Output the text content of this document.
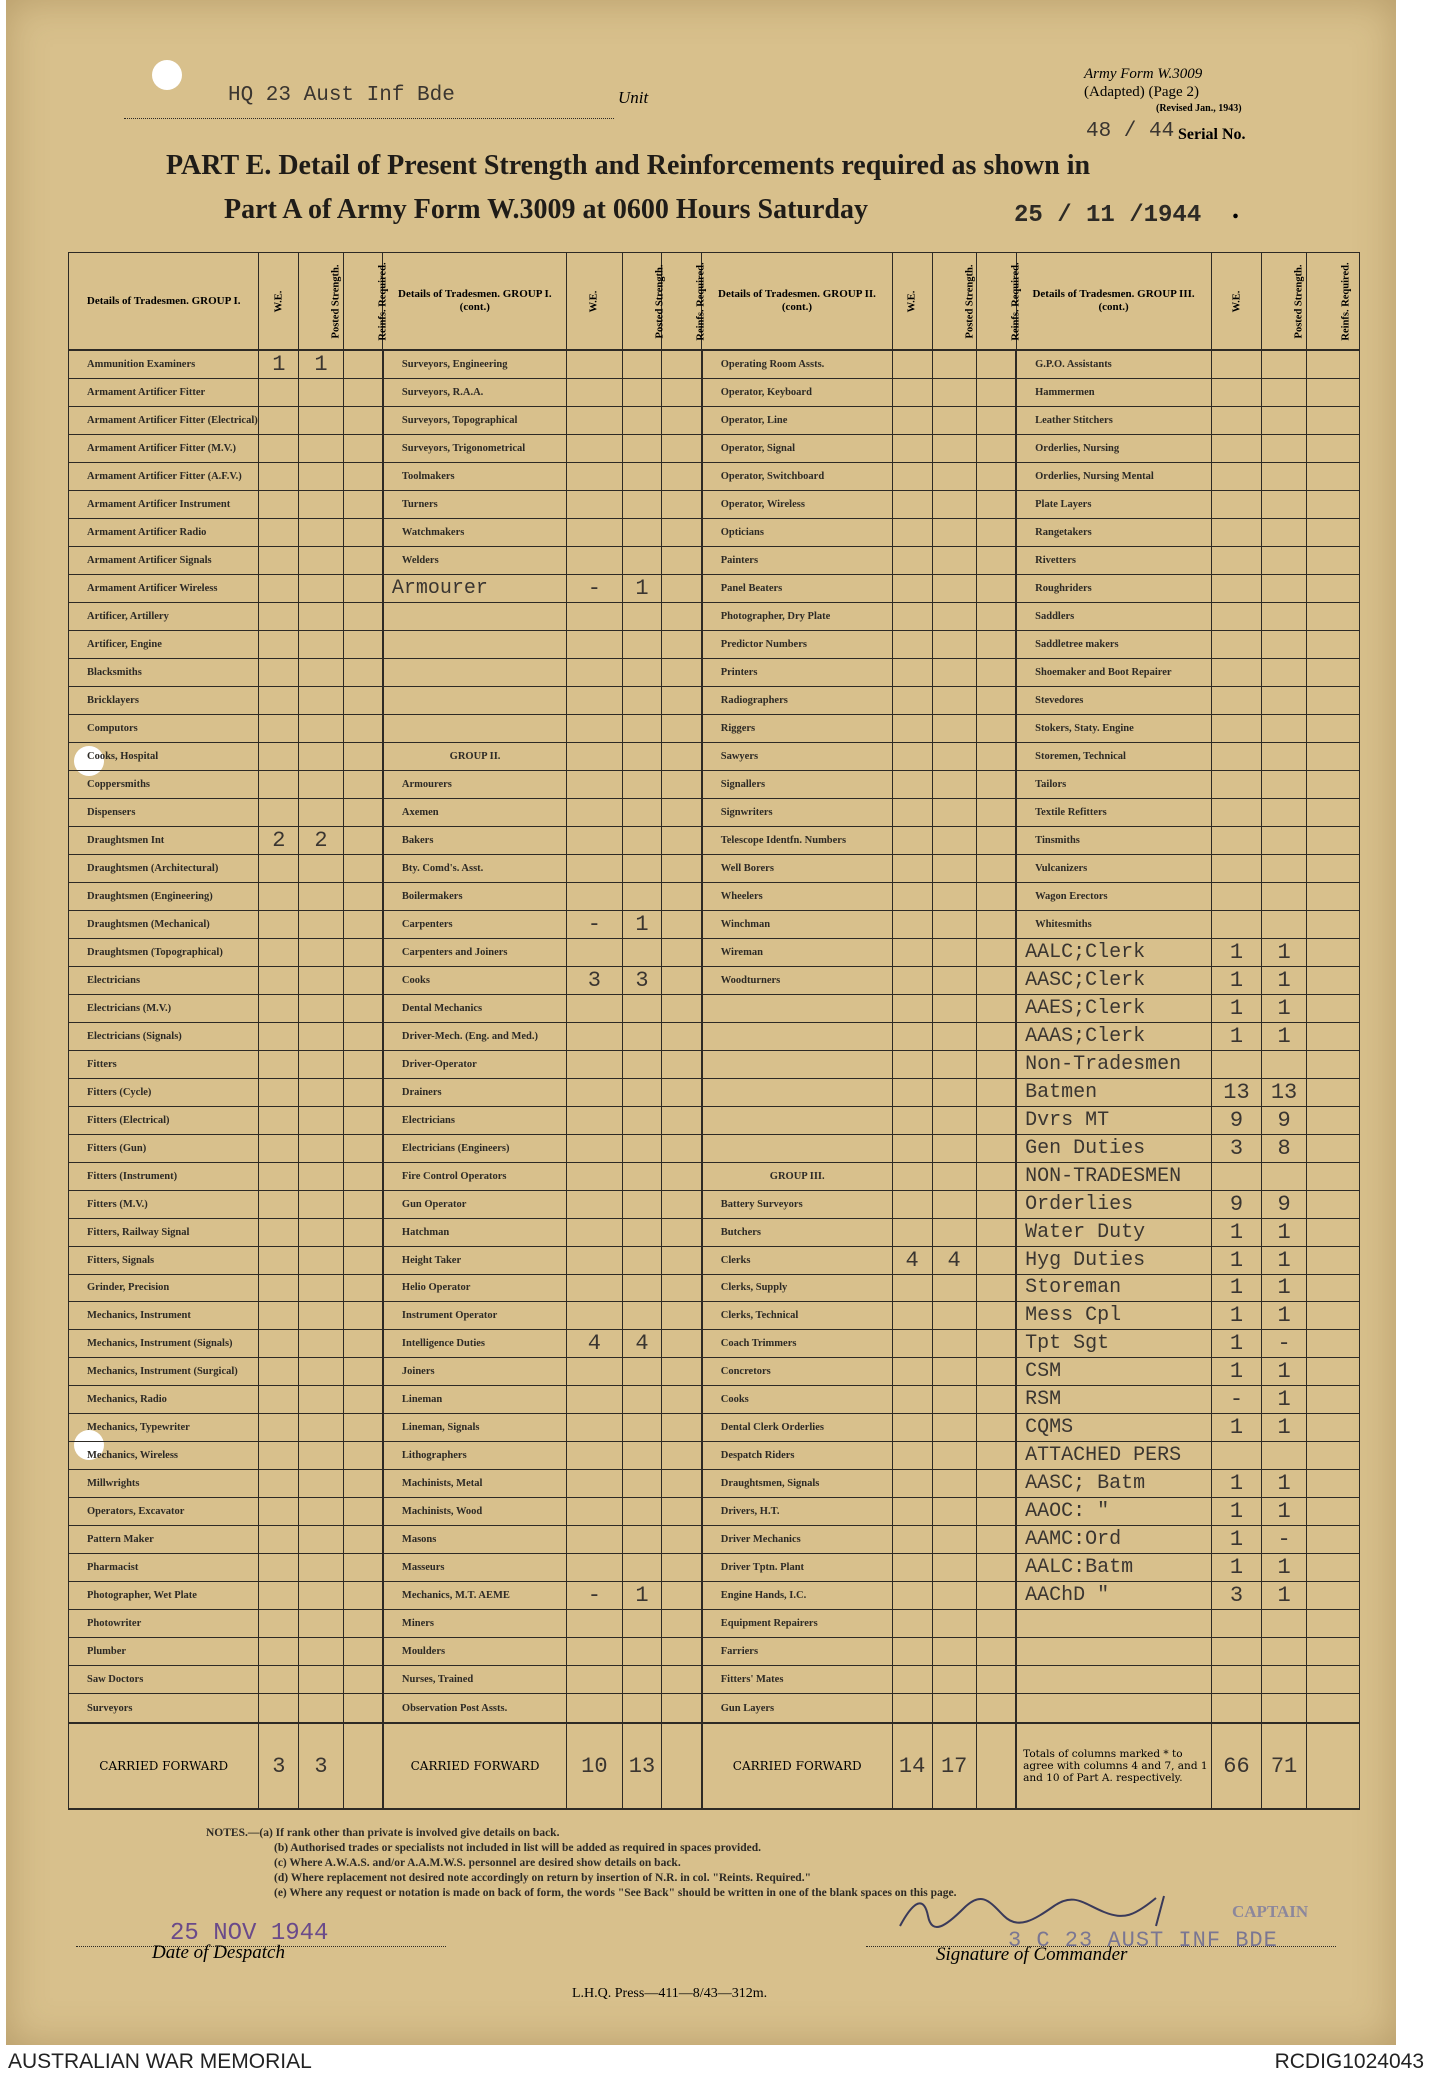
HQ 23 Aust Inf Bde	Unit
Army Form W.3009
(Adapted) (Page 2)
(Revised Jan., 1943)
48 / 44 Serial No.
PART E. Detail of Present Strength and Reinforcements required as shown in
Part A of Army Form W.3009 at 0600 Hours Saturday	25 / 11 /1944 .
Details of Tradesmen. GROUP I.	W.E.	Posted Strength.	Reinfs. Required.	Details of Tradesmen. GROUP I. (cont.)	W.E.	Posted Strength.	Reinfs. Required.	Details of Tradesmen. GROUP II. (cont.)	W.E.	Posted Strength.	Reinfs. Required.	Details of Tradesmen. GROUP III. (cont.)	W.E.	Posted Strength.	Reinfs. Required.
Ammunition Examiners	1	1		Surveyors, Engineering				Operating Room Assts.				G.P.O. Assistants			
Armament Artificer Fitter				Surveyors, R.A.A.				Operator, Keyboard				Hammermen			
Armament Artificer Fitter (Electrical)				Surveyors, Topographical				Operator, Line				Leather Stitchers			
Armament Artificer Fitter (M.V.)				Surveyors, Trigonometrical				Operator, Signal				Orderlies, Nursing			
Armament Artificer Fitter (A.F.V.)				Toolmakers				Operator, Switchboard				Orderlies, Nursing Mental			
Armament Artificer Instrument				Turners				Operator, Wireless				Plate Layers			
Armament Artificer Radio				Watchmakers				Opticians				Rangetakers			
Armament Artificer Signals				Welders				Painters				Rivetters			
Armament Artificer Wireless				Armourer	-	1		Panel Beaters				Roughriders			
Artificer, Artillery								Photographer, Dry Plate				Saddlers			
Artificer, Engine								Predictor Numbers				Saddletree makers			
Blacksmiths								Printers				Shoemaker and Boot Repairer			
Bricklayers								Radiographers				Stevedores			
Computors								Riggers				Stokers, Staty. Engine			
Cooks, Hospital				GROUP II.				Sawyers				Storemen, Technical			
Coppersmiths				Armourers				Signallers				Tailors			
Dispensers				Axemen				Signwriters				Textile Refitters			
Draughtsmen Int	2	2		Bakers				Telescope Identfn. Numbers				Tinsmiths			
Draughtsmen (Architectural)				Bty. Comd's. Asst.				Well Borers				Vulcanizers			
Draughtsmen (Engineering)				Boilermakers				Wheelers				Wagon Erectors			
Draughtsmen (Mechanical)				Carpenters	-	1		Winchman				Whitesmiths			
Draughtsmen (Topographical)				Carpenters and Joiners				Wireman				AALC;Clerk	1	1	
Electricians				Cooks	3	3		Woodturners				AASC;Clerk	1	1	
Electricians (M.V.)				Dental Mechanics								AAES;Clerk	1	1	
Electricians (Signals)				Driver-Mech. (Eng. and Med.)								AAAS;Clerk	1	1	
Fitters				Driver-Operator								Non-Tradesmen			
Fitters (Cycle)				Drainers								Batmen	13	13	
Fitters (Electrical)				Electricians								Dvrs MT	9	9	
Fitters (Gun)				Electricians (Engineers)								Gen Duties	3	8	
Fitters (Instrument)				Fire Control Operators				GROUP III.				NON-TRADESMEN			
Fitters (M.V.)				Gun Operator				Battery Surveyors				Orderlies	9	9	
Fitters, Railway Signal				Hatchman				Butchers				Water Duty	1	1	
Fitters, Signals				Height Taker				Clerks	4	4		Hyg Duties	1	1	
Grinder, Precision				Helio Operator				Clerks, Supply				Storeman	1	1	
Mechanics, Instrument				Instrument Operator				Clerks, Technical				Mess Cpl	1	1	
Mechanics, Instrument (Signals)				Intelligence Duties	4	4		Coach Trimmers				Tpt Sgt	1	-	
Mechanics, Instrument (Surgical)				Joiners				Concretors				CSM	1	1	
Mechanics, Radio				Lineman				Cooks				RSM	-	1	
Mechanics, Typewriter				Lineman, Signals				Dental Clerk Orderlies				CQMS	1	1	
Mechanics, Wireless				Lithographers				Despatch Riders				ATTACHED PERS			
Millwrights				Machinists, Metal				Draughtsmen, Signals				AASC; Batm	1	1	
Operators, Excavator				Machinists, Wood				Drivers, H.T.				AAOC: "	1	1	
Pattern Maker				Masons				Driver Mechanics				AAMC:Ord	1	-	
Pharmacist				Masseurs				Driver Tptn. Plant				AALC:Batm	1	1	
Photographer, Wet Plate				Mechanics, M.T. AEME	-	1		Engine Hands, I.C.				AAChD "	3	1	
Photowriter				Miners				Equipment Repairers							
Plumber				Moulders				Farriers							
Saw Doctors				Nurses, Trained				Fitters' Mates							
Surveyors				Observation Post Assts.				Gun Layers							
CARRIED FORWARD	3	3		CARRIED FORWARD	10	13		CARRIED FORWARD	14	17		Totals of columns marked * to agree with columns 4 and 7, and 1 and 10 of Part A. respectively.	66	71	
NOTES.—(a) If rank other than private is involved give details on back.
(b) Authorised trades or specialists not included in list will be added as required in spaces provided.
(c) Where A.W.A.S. and/or A.A.M.W.S. personnel are desired show details on back.
(d) Where replacement not desired note accordingly on return by insertion of N.R. in col. "Reints. Required."
(e) Where any request or notation is made on back of form, the words "See Back" should be written in one of the blank spaces on this page.
25 NOV 1944
Date of Despatch	3 C 23 AUST INF BDE
CAPTAIN
Signature of Commander
L.H.Q. Press—411—8/43—312m.
AUSTRALIAN WAR MEMORIAL	RCDIG1024043
